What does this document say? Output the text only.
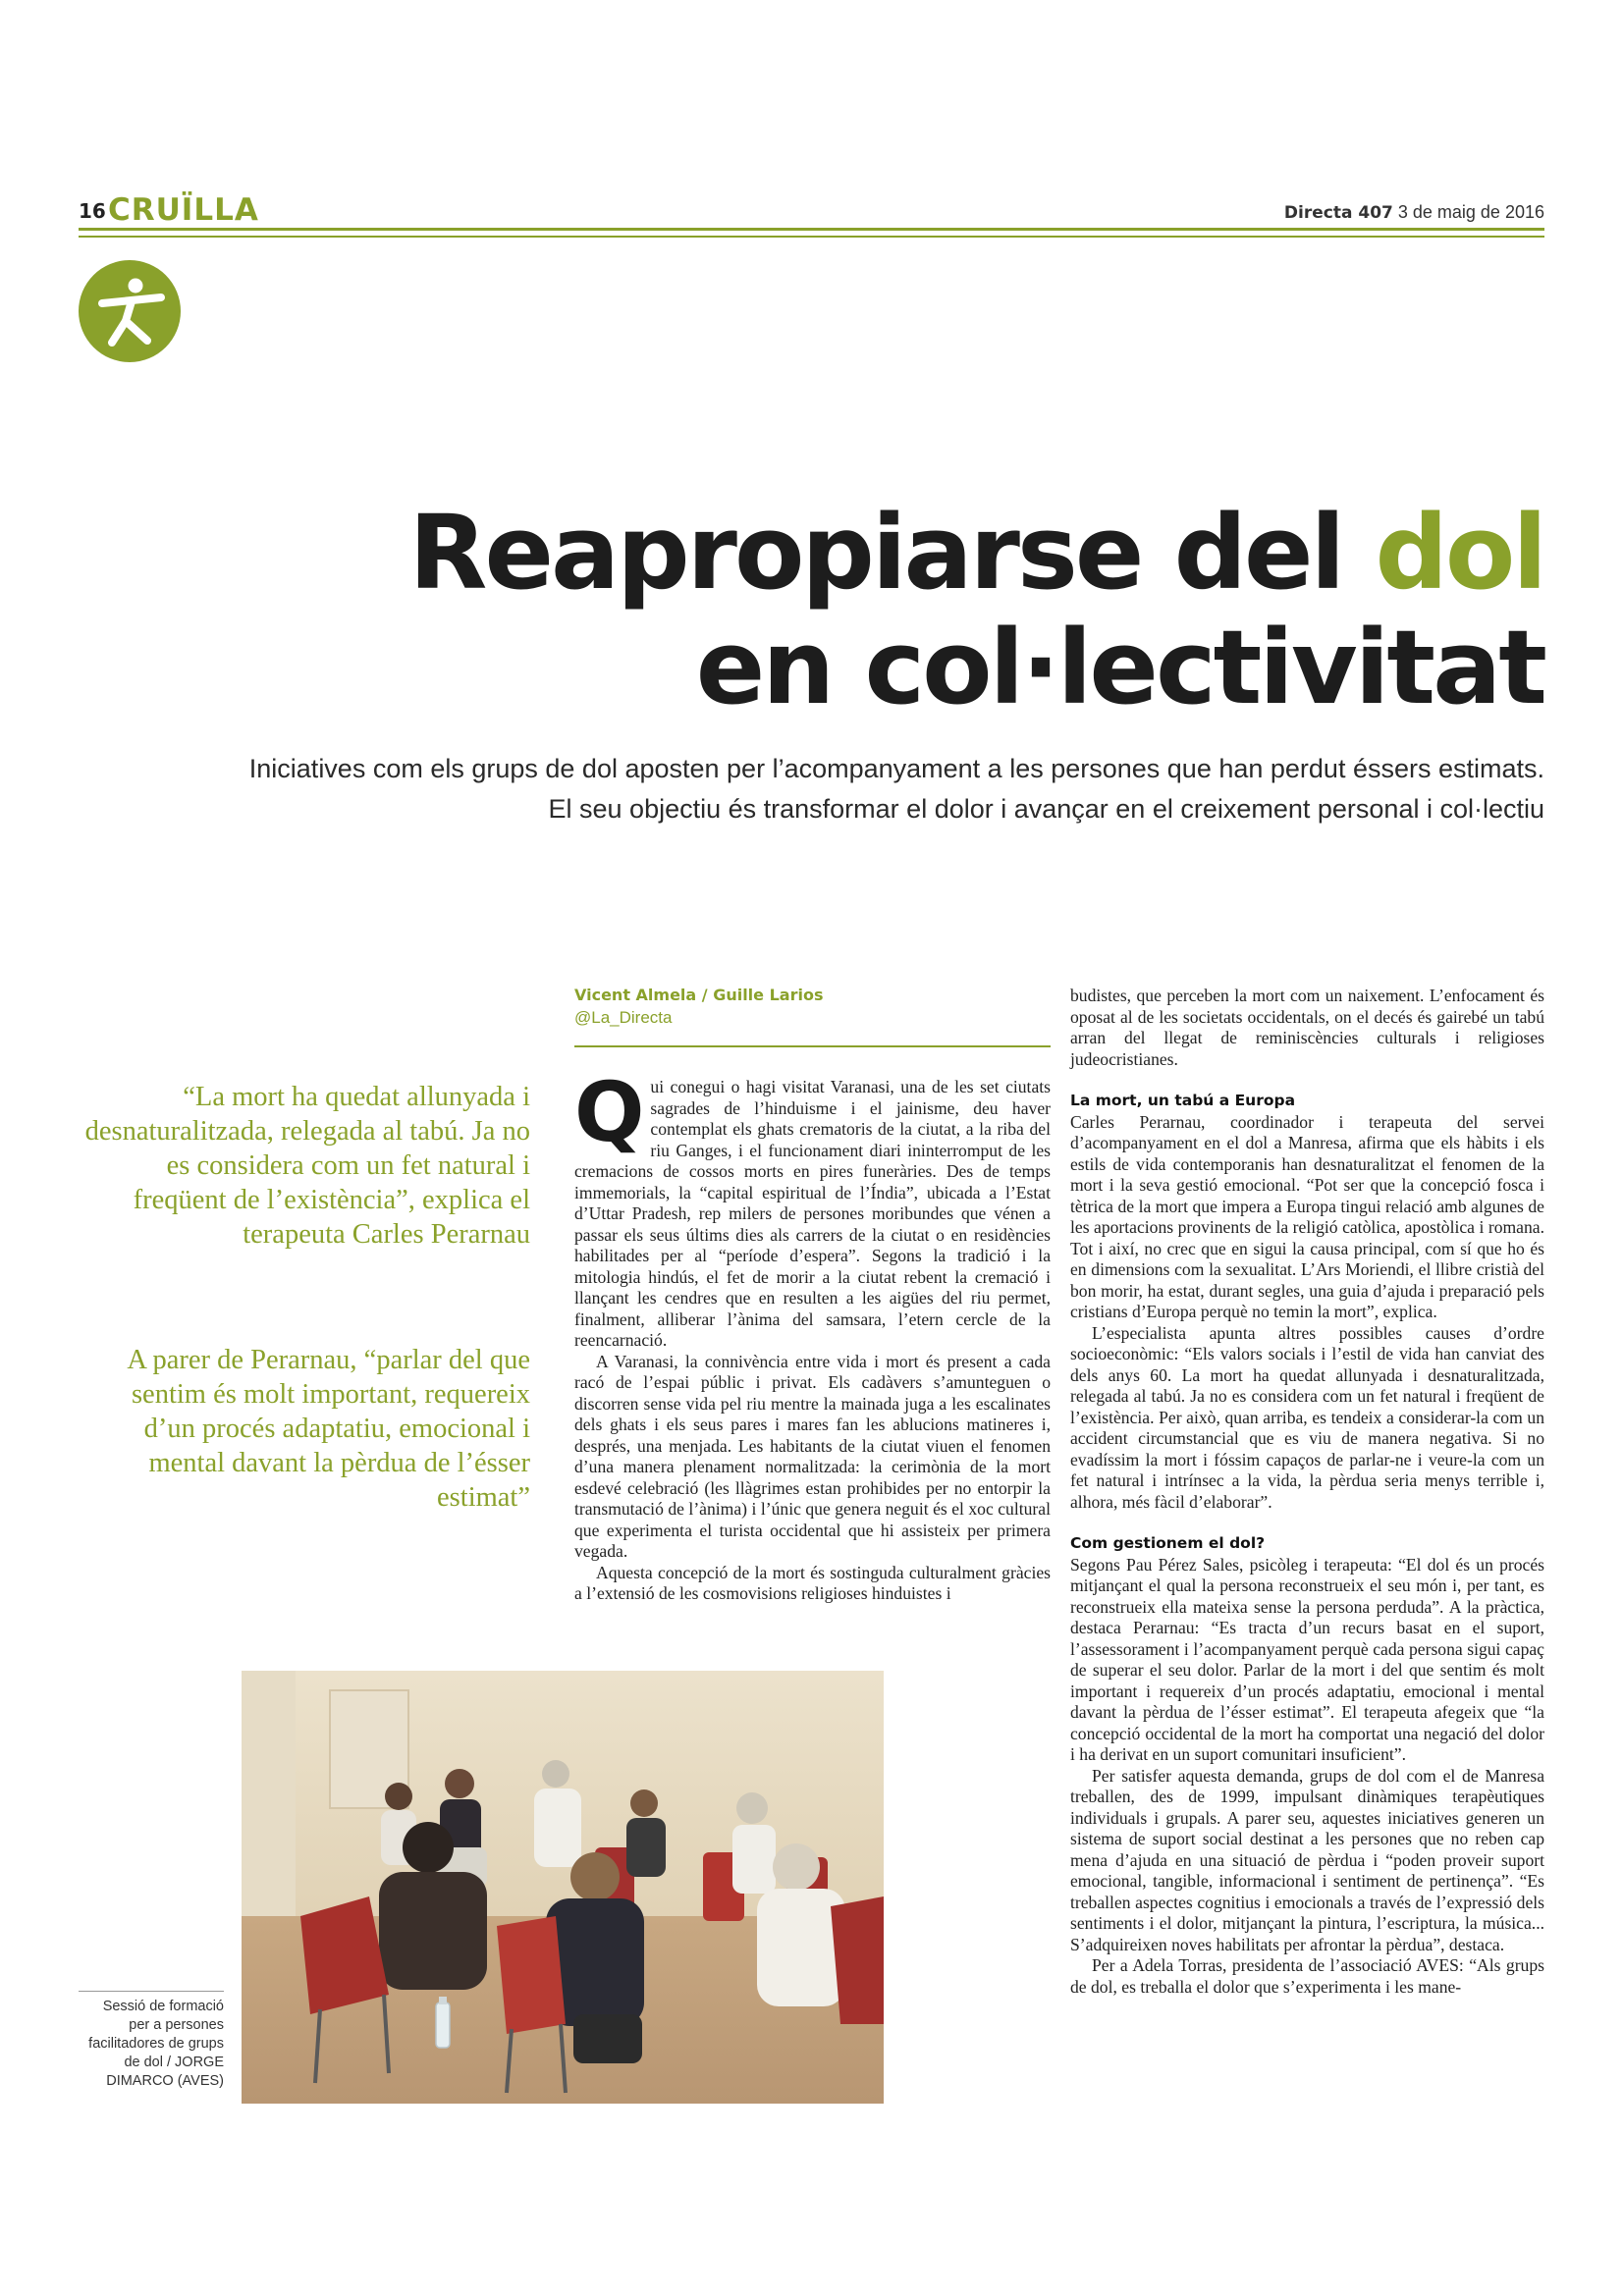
16 CRUÏLLA	Directa 407 3 de maig de 2016
Reapropiarse del dol
en col·lectivitat
Iniciatives com els grups de dol aposten per l’acompanyament a les persones que han perdut éssers estimats. El seu objectiu és transformar el dolor i avançar en el creixement personal i col·lectiu
“La mort ha quedat allunyada i desnaturalitzada, relegada al tabú. Ja no es considera com un fet natural i freqüent de l’existència”, explica el terapeuta Carles Perarnau
A parer de Perarnau, “parlar del que sentim és molt important, requereix d’un procés adaptatiu, emocional i mental davant la pèrdua de l’ésser estimat”
Vicent Almela / Guille Larios
@La_Directa

Qui conegui o hagi visitat Varanasi, una de les set ciutats sagrades de l’hinduisme i el jainisme, deu haver contemplat els ghats crematoris de la ciutat, a la riba del riu Ganges, i el funcionament diari ininterromput de les cremacions de cossos morts en pires funeràries. Des de temps immemorials, la “capital espiritual de l’Índia”, ubicada a l’Estat d’Uttar Pradesh, rep milers de persones moribundes que vénen a passar els seus últims dies als carrers de la ciutat o en residències habilitades per al “període d’espera”. Segons la tradició i la mitologia hindús, el fet de morir a la ciutat rebent la cremació i llançant les cendres que en resulten a les aigües del riu permet, finalment, alliberar l’ànima del samsara, l’etern cercle de la reencarnació.

A Varanasi, la connivència entre vida i mort és present a cada racó de l’espai públic i privat. Els cadàvers s’amunteguen o discorren sense vida pel riu mentre la mainada juga a les escalinates dels ghats i els seus pares i mares fan les ablucions matineres i, després, una menjada. Les habitants de la ciutat viuen el fenomen d’una manera plenament normalitzada: la cerimònia de la mort esdevé celebració (les llàgrimes estan prohibides per no entorpir la transmutació de l’ànima) i l’únic que genera neguit és el xoc cultural que experimenta el turista occidental que hi assisteix per primera vegada.

Aquesta concepció de la mort és sostinguda culturalment gràcies a l’extensió de les cosmovisions religioses hinduistes i

budistes, que perceben la mort com un naixement. L’enfocament és oposat al de les societats occidentals, on el decés és gairebé un tabú arran del llegat de reminiscències culturals i religioses judeocristianes.

La mort, un tabú a Europa

Carles Perarnau, coordinador i terapeuta del servei d’acompanyament en el dol a Manresa, afirma que els hàbits i els estils de vida contemporanis han desnaturalitzat el fenomen de la mort i la seva gestió emocional. “Pot ser que la concepció fosca i tètrica de la mort que impera a Europa tingui relació amb algunes de les aportacions provinents de la religió catòlica, apostòlica i romana. Tot i així, no crec que en sigui la causa principal, com sí que ho és en dimensions com la sexualitat. L’Ars Moriendi, el llibre cristià del bon morir, ha estat, durant segles, una guia d’ajuda i preparació pels cristians d’Europa perquè no temin la mort”, explica.

L’especialista apunta altres possibles causes d’ordre socioeconòmic: “Els valors socials i l’estil de vida han canviat des dels anys 60. La mort ha quedat allunyada i desnaturalitzada, relegada al tabú. Ja no es considera com un fet natural i freqüent de l’existència. Per això, quan arriba, es tendeix a considerar-la com un accident circumstancial que es viu de manera negativa. Si no evadíssim la mort i fóssim capaços de parlar-ne i veure-la com un fet natural i intrínsec a la vida, la pèrdua seria menys terrible i, alhora, més fàcil d’elaborar”.

Com gestionem el dol?

Segons Pau Pérez Sales, psicòleg i terapeuta: “El dol és un procés mitjançant el qual la persona reconstrueix el seu món i, per tant, es reconstrueix ella mateixa sense la persona perduda”. A la pràctica, destaca Perarnau: “Es tracta d’un recurs basat en el suport, l’assessorament i l’acompanyament perquè cada persona sigui capaç de superar el seu dolor. Parlar de la mort i del que sentim és molt important i requereix d’un procés adaptatiu, emocional i mental davant la pèrdua de l’ésser estimat”. El terapeuta afegeix que “la concepció occidental de la mort ha comportat una negació del dolor i ha derivat en un suport comunitari insuficient”.

Per satisfer aquesta demanda, grups de dol com el de Manresa treballen, des de 1999, impulsant dinàmiques terapèutiques individuals i grupals. A parer seu, aquestes iniciatives generen un sistema de suport social destinat a les persones que no reben cap mena d’ajuda en una situació de pèrdua i “poden proveir suport emocional, tangible, informacional i sentiment de pertinença”. “Es treballen aspectes cognitius i emocionals a través de l’expressió dels sentiments i el dolor, mitjançant la pintura, l’escriptura, la música... S’adquireixen noves habilitats per afrontar la pèrdua”, destaca.

Per a Adela Torras, presidenta de l’associació AVES: “Als grups de dol, es treballa el dolor que s’experimenta i les mane-

Sessió de formació per a persones facilitadores de grups de dol / JORGE DIMARCO (AVES)
